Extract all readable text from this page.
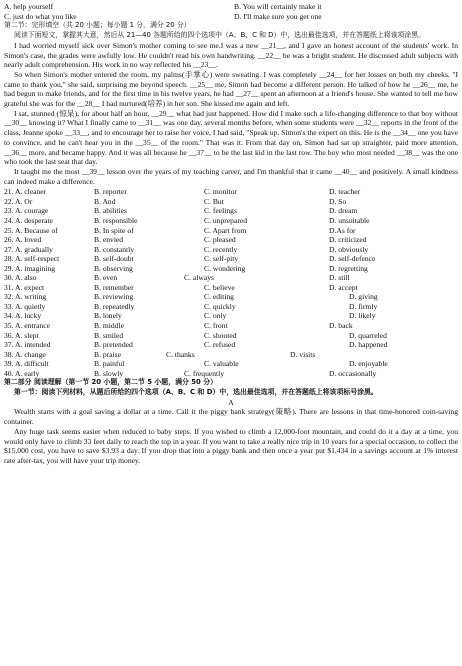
A. help yourself	B. You will certainly make it
C. just do what you like	D. I'll make sure you get one
第二节：完形填空（共 20 小题；每小题 1 分，满分 20 分）

阅读下面短文，掌握其大意，然后从 21—40 各题所给的四个选项中（A、B、C 和 D）中，选出最佳选项，并在答题纸上将该项涂黑。

I had worried myself sick over Simon's mother coming to see me.I was a new __21__, and I gave an honest account of the students' work. In Simon's case, the grades were awfully low. He couldn't read his own handwriting. __22__ he was a bright student. He discussed adult subjects with nearly adult comprehension. His work in no way reflected his __23__.

So when Simon's mother entered the room, my palms(手掌心) were sweating. I was completely __24__ for her losses on both my cheeks. "I came to thank you," she said, surprising me beyond speech. __25__ me, Simon had become a different person. He talked of how he __26__ me, he had begun to make friends, and for the first time in his twelve years, he had __27__ spent an afternoon at a friend's house. She wanted to tell me how grateful she was for the __28__ I had nurtured(培养) in her son. She kissed me again and left.

I sat, stunned (惊呆), for about half an hour, __29__ what had just happened. How did I make such a life-changing difference to that boy without __30__ knowing it? What I finally came to __31__ was one day, several months before, when some students were __32__ reports in the front of the class, Jeanne spoke __33__, and to encourage her to raise her voice, I had said, "Speak up. Simon's the expert on this. He is the __34__ one you have to convince, and he can't hear you in the __35__ of the room." That was it. From that day on, Simon had sat up straighter, paid more attention, __36__ more, and became happy. And it was all because he __37__ to be the last kid in the last row. The boy who most needed __38__ was the one who took the last seat that day.

It taught me the most __39__ lesson over the years of my teaching career, and I'm thankful that it came __40__ and positively. A small kindness can indeed make a difference.

21. A. cleaner	B. reporter	C. monitor	D. teacher
22. A. Or	B. And	C. But	D. So
23. A. courage	B. abilities	C. feelings	D. dream
24. A. desperate	B. responsible	C. unprepared	D. unsuitable
25. A. Because of	B. In spite of	C. Apart from	D.As for
26. A. loved	B. envied	C. pleased	D. criticized
27. A. gradually	B. constantly	C. recently	D. obviously
28. A. self-respect	B. self-doubt	C. self-pity	D. self-defence
29. A. imagining	B. observing	C. wondering	D. regretting
30. A. also	B. even	C. always	D. still
31. A. expect	B. remember	C. believe	D. accept
32. A. writing	B. reviewing	C. editing	D. giving
33. A. quietly	B. repeatedly	C. quickly	D. firmly
34. A. lucky	B. lonely	C. only	D. likely
35. A. entrance	B. middle	C. front	D. back
36. A. slept	B. smiled	C. shouted	D. quarreled
37. A. intended	B. pretended	C. refused	D. happened
38. A. change	B. praise	C. thanks	D. visits
39. A. difficult	B. painful	C. valuable	D. enjoyable
40. A. early	B. slowly	C. frequently	D. occasionally
第二部分 阅读理解（第一节 20 小题，第二节 5 小题，满分 50 分）

第一节：阅读下列材料，从题后所给的四个选项（A、B、C 和 D）中，选出最佳选项，并在答题纸上将该项标号涂黑。

A

Wealth starts with a goal saving a dollar at a time. Call it the piggy bank strategy(策略). There are lessons in that time-honored coin-saving container.

Any huge task seems easier when reduced to baby steps. If you wished to climb a 12,000-foot mountain, and could do it a day at a time, you would only have to climb 33 feet daily to reach the top in a year. If you want to take a really nice trip in 10 years for a special occasion, to collect the $15,000 cost, you have to save $3.93 a day. If you drop that into a piggy bank and then once a year put $1,434 in a savings account at 1% interest rate after-tax, you will have your trip money.
